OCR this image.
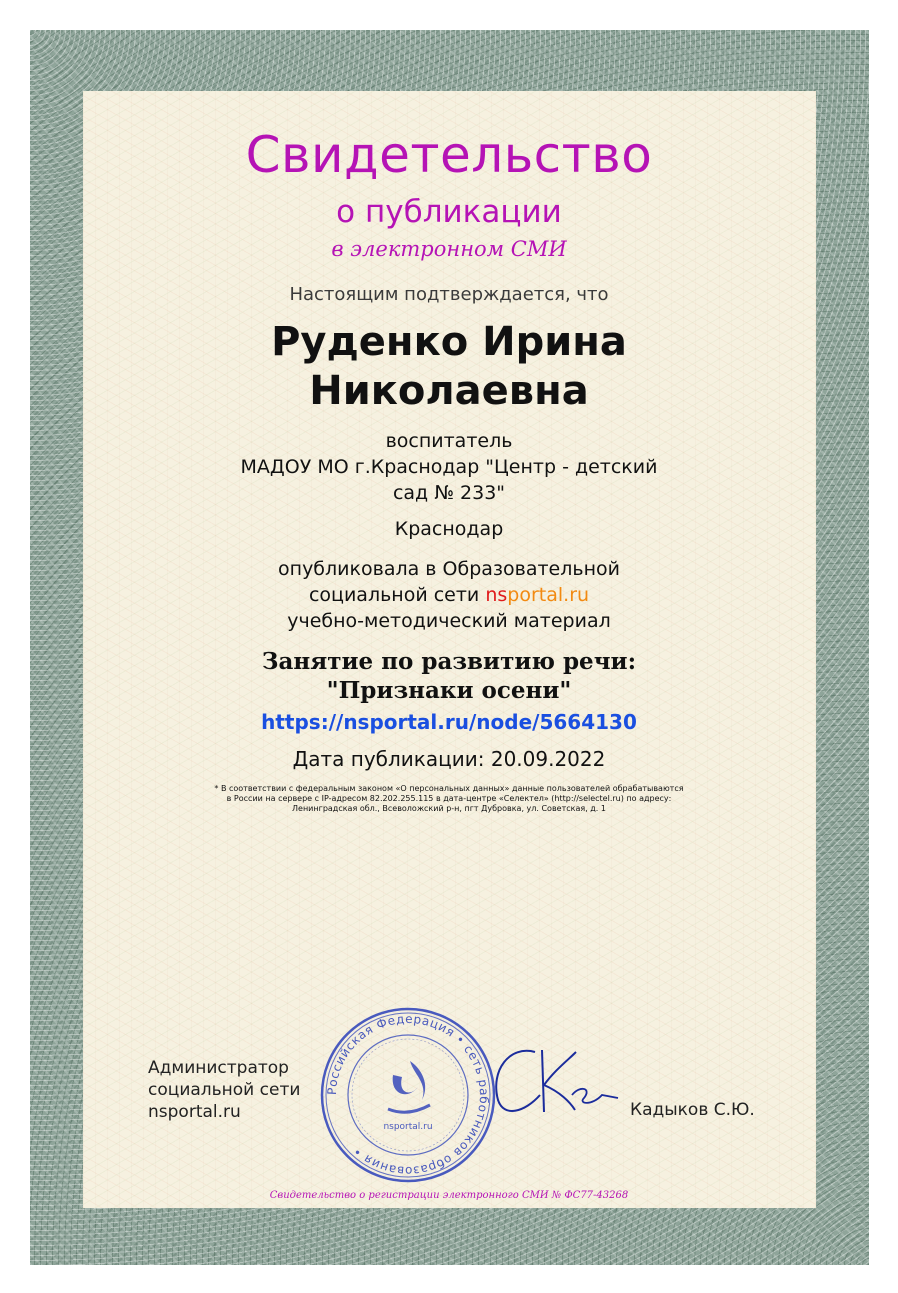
Свидетельство
о публикации
в электронном СМИ
Настоящим подтверждается, что
Руденко Ирина
Николаевна
воспитатель
МАДОУ МО г.Краснодар "Центр - детский
сад № 233"
Краснодар
опубликовала в Образовательной
социальной сети nsportal.ru
учебно-методический материал
Занятие по развитию речи:
"Признаки осени"
https://nsportal.ru/node/5664130
Дата публикации: 20.09.2022
* В соответствии с федеральным законом «О персональных данных» данные пользователей обрабатываются
в России на сервере с IP-адресом 82.202.255.115 в дата-центре «Селектел» (http://selectel.ru) по адресу:
Ленинградская обл., Всеволожский р-н, пгт Дубровка, ул. Советская, д. 1
Администратор
социальной сети
nsportal.ru
Российская Федерация • сеть работников образования •
nsportal.ru
Кадыков С.Ю.
Свидетельство о регистрации электронного СМИ № ФС77-43268
